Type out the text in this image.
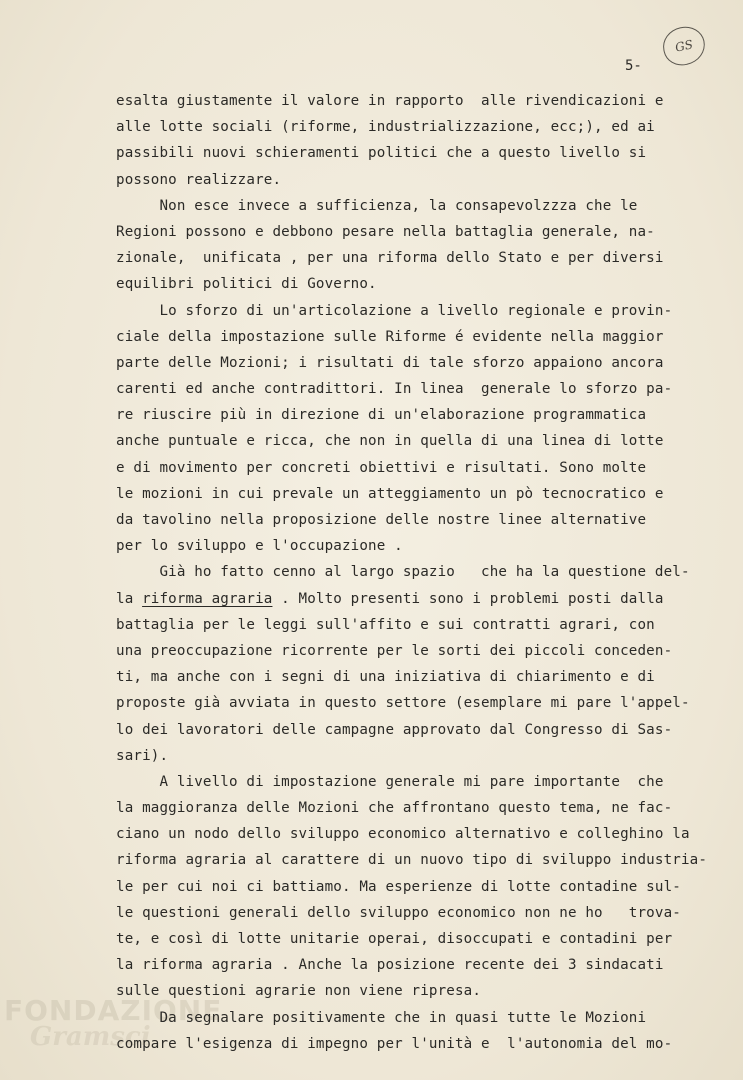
FONDAZIONE
Gramsci
GS
5-
esalta giustamente il valore in rapporto  alle rivendicazioni e
alle lotte sociali (riforme, industrializzazione, ecc;), ed ai
passibili nuovi schieramenti politici che a questo livello si
possono realizzare.
Non esce invece a sufficienza, la consapevolzzza che le
Regioni possono e debbono pesare nella battaglia generale, na-
zionale,  unificata , per una riforma dello Stato e per diversi
equilibri politici di Governo.
Lo sforzo di un'articolazione a livello regionale e provin-
ciale della impostazione sulle Riforme é evidente nella maggior
parte delle Mozioni; i risultati di tale sforzo appaiono ancora
carenti ed anche contradittori. In linea  generale lo sforzo pa-
re riuscire più in direzione di un'elaborazione programmatica
anche puntuale e ricca, che non in quella di una linea di lotte
e di movimento per concreti obiettivi e risultati. Sono molte
le mozioni in cui prevale un atteggiamento un pò tecnocratico e
da tavolino nella proposizione delle nostre linee alternative
per lo sviluppo e l'occupazione .
Già ho fatto cenno al largo spazio   che ha la questione del-
la riforma agraria . Molto presenti sono i problemi posti dalla
battaglia per le leggi sull'affito e sui contratti agrari, con
una preoccupazione ricorrente per le sorti dei piccoli conceden-
ti, ma anche con i segni di una iniziativa di chiarimento e di
proposte già avviata in questo settore (esemplare mi pare l'appel-
lo dei lavoratori delle campagne approvato dal Congresso di Sas-
sari).
A livello di impostazione generale mi pare importante  che
la maggioranza delle Mozioni che affrontano questo tema, ne fac-
ciano un nodo dello sviluppo economico alternativo e colleghino la
riforma agraria al carattere di un nuovo tipo di sviluppo industria-
le per cui noi ci battiamo. Ma esperienze di lotte contadine sul-
le questioni generali dello sviluppo economico non ne ho   trova-
te, e così di lotte unitarie operai, disoccupati e contadini per
la riforma agraria . Anche la posizione recente dei 3 sindacati
sulle questioni agrarie non viene ripresa.
Da segnalare positivamente che in quasi tutte le Mozioni
compare l'esigenza di impegno per l'unità e  l'autonomia del mo-
